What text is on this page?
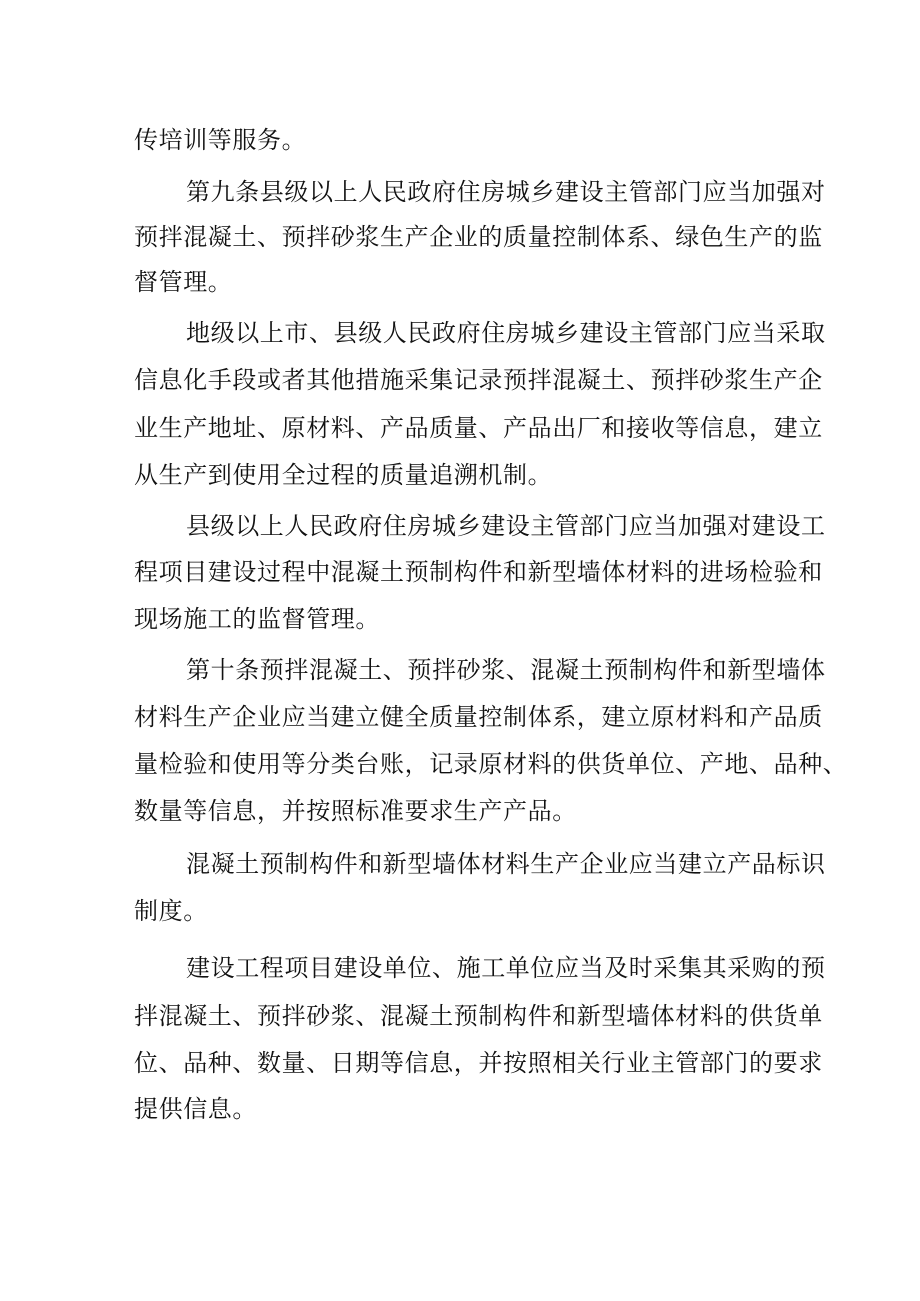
传培训等服务。
第九条县级以上人民政府住房城乡建设主管部门应当加强对
预拌混凝土、预拌砂浆生产企业的质量控制体系、绿色生产的监
督管理。
地级以上市、县级人民政府住房城乡建设主管部门应当采取
信息化手段或者其他措施采集记录预拌混凝土、预拌砂浆生产企
业生产地址、原材料、产品质量、产品出厂和接收等信息，建立
从生产到使用全过程的质量追溯机制。
县级以上人民政府住房城乡建设主管部门应当加强对建设工
程项目建设过程中混凝土预制构件和新型墙体材料的进场检验和
现场施工的监督管理。
第十条预拌混凝土、预拌砂浆、混凝土预制构件和新型墙体
材料生产企业应当建立健全质量控制体系，建立原材料和产品质
量检验和使用等分类台账，记录原材料的供货单位、产地、品种、
数量等信息，并按照标准要求生产产品。
混凝土预制构件和新型墙体材料生产企业应当建立产品标识
制度。
建设工程项目建设单位、施工单位应当及时采集其采购的预
拌混凝土、预拌砂浆、混凝土预制构件和新型墙体材料的供货单
位、品种、数量、日期等信息，并按照相关行业主管部门的要求
提供信息。
